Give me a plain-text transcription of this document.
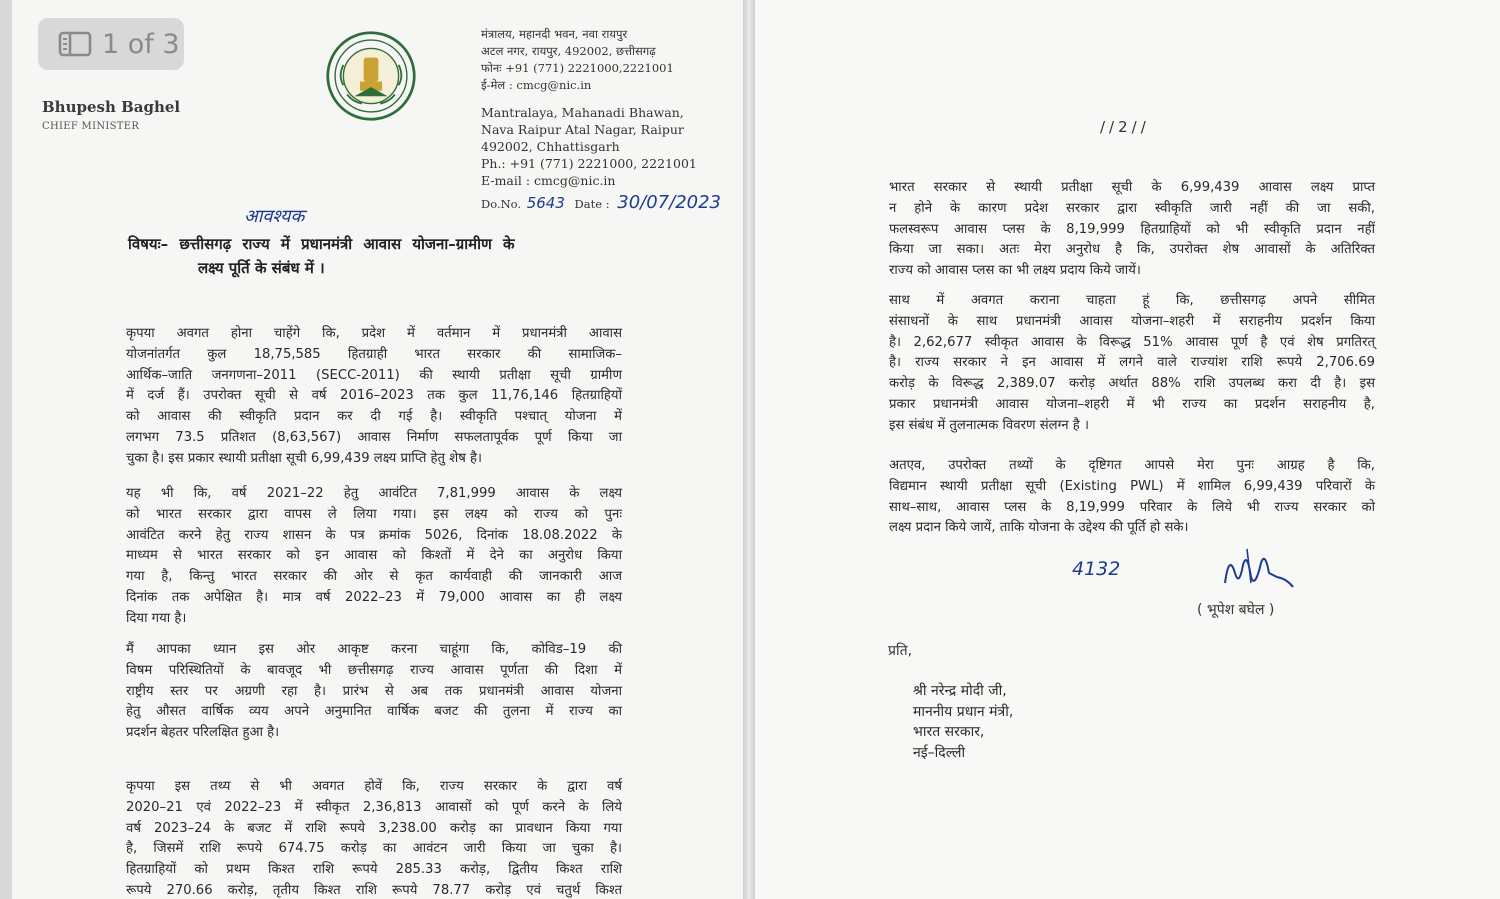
Bhupesh Baghel
CHIEF MINISTER
मंत्रालय, महानदी भवन, नवा रायपुर
अटल नगर, रायपुर, 492002, छत्तीसगढ़
फोनः +91 (771) 2221000,2221001
ई-मेल : cmcg@nic.in
Mantralaya, Mahanadi Bhawan,
Nava Raipur Atal Nagar, Raipur
492002, Chhattisgarh
Ph.: +91 (771) 2221000, 2221001
E-mail : cmcg@nic.in
Do.No. 5643 Date : 30/07/2023
आवश्यक
विषयः– छत्तीसगढ़ राज्य में प्रधानमंत्री आवास योजना–ग्रामीण के
लक्ष्य पूर्ति के संबंध में ।
कृपया अवगत होना चाहेंगे कि, प्रदेश में वर्तमान में प्रधानमंत्री आवास
योजनांतर्गत कुल 18,75,585 हितग्राही भारत सरकार की सामाजिक–
आर्थिक–जाति जनगणना–2011 (SECC-2011) की स्थायी प्रतीक्षा सूची ग्रामीण
में दर्ज हैं। उपरोक्त सूची से वर्ष 2016–2023 तक कुल 11,76,146 हितग्राहियों
को आवास की स्वीकृति प्रदान कर दी गई है। स्वीकृति पश्चात् योजना में
लगभग 73.5 प्रतिशत (8,63,567) आवास निर्माण सफलतापूर्वक पूर्ण किया जा
चुका है। इस प्रकार स्थायी प्रतीक्षा सूची 6,99,439 लक्ष्य प्राप्ति हेतु शेष है।
यह भी कि, वर्ष 2021–22 हेतु आवंटित 7,81,999 आवास के लक्ष्य
को भारत सरकार द्वारा वापस ले लिया गया। इस लक्ष्य को राज्य को पुनः
आवंटित करने हेतु राज्य शासन के पत्र क्रमांक 5026, दिनांक 18.08.2022 के
माध्यम से भारत सरकार को इन आवास को किश्तों में देने का अनुरोध किया
गया है, किन्तु भारत सरकार की ओर से कृत कार्यवाही की जानकारी आज
दिनांक तक अपेक्षित है। मात्र वर्ष 2022–23 में 79,000 आवास का ही लक्ष्य
दिया गया है।
मैं आपका ध्यान इस ओर आकृष्ट करना चाहूंगा कि, कोविड–19 की
विषम परिस्थितियों के बावजूद भी छत्तीसगढ़ राज्य आवास पूर्णता की दिशा में
राष्ट्रीय स्तर पर अग्रणी रहा है। प्रारंभ से अब तक प्रधानमंत्री आवास योजना
हेतु औसत वार्षिक व्यय अपने अनुमानित वार्षिक बजट की तुलना में राज्य का
प्रदर्शन बेहतर परिलक्षित हुआ है।
कृपया इस तथ्य से भी अवगत होवें कि, राज्य सरकार के द्वारा वर्ष
2020–21 एवं 2022–23 में स्वीकृत 2,36,813 आवासों को पूर्ण करने के लिये
वर्ष 2023–24 के बजट में राशि रूपये 3,238.00 करोड़ का प्रावधान किया गया
है, जिसमें राशि रूपये 674.75 करोड़ का आवंटन जारी किया जा चुका है।
हितग्राहियों को प्रथम किश्त राशि रूपये 285.33 करोड़, द्वितीय किश्त राशि
रूपये 270.66 करोड़, तृतीय किश्त राशि रूपये 78.77 करोड़ एवं चतुर्थ किश्त
//2//
भारत सरकार से स्थायी प्रतीक्षा सूची के 6,99,439 आवास लक्ष्य प्राप्त
न होने के कारण प्रदेश सरकार द्वारा स्वीकृति जारी नहीं की जा सकी,
फलस्वरूप आवास प्लस के 8,19,999 हितग्राहियों को भी स्वीकृति प्रदान नहीं
किया जा सका। अतः मेरा अनुरोध है कि, उपरोक्त शेष आवासों के अतिरिक्त
राज्य को आवास प्लस का भी लक्ष्य प्रदाय किये जायें।
साथ में अवगत कराना चाहता हूं कि, छत्तीसगढ़ अपने सीमित
संसाधनों के साथ प्रधानमंत्री आवास योजना–शहरी में सराहनीय प्रदर्शन किया
है। 2,62,677 स्वीकृत आवास के विरूद्ध 51% आवास पूर्ण है एवं शेष प्रगतिरत्
है। राज्य सरकार ने इन आवास में लगने वाले राज्यांश राशि रूपये 2,706.69
करोड़ के विरूद्ध 2,389.07 करोड़ अर्थात 88% राशि उपलब्ध करा दी है। इस
प्रकार प्रधानमंत्री आवास योजना–शहरी में भी राज्य का प्रदर्शन सराहनीय है,
इस संबंध में तुलनात्मक विवरण संलग्न है ।
अतएव, उपरोक्त तथ्यों के दृष्टिगत आपसे मेरा पुनः आग्रह है कि,
विद्यमान स्थायी प्रतीक्षा सूची (Existing PWL) में शामिल 6,99,439 परिवारों के
साथ–साथ, आवास प्लस के 8,19,999 परिवार के लिये भी राज्य सरकार को
लक्ष्य प्रदान किये जायें, ताकि योजना के उद्देश्य की पूर्ति हो सके।
4132
( भूपेश बघेल )
प्रति,
श्री नरेन्द्र मोदी जी,
माननीय प्रधान मंत्री,
भारत सरकार,
नई–दिल्ली
1 of 3
